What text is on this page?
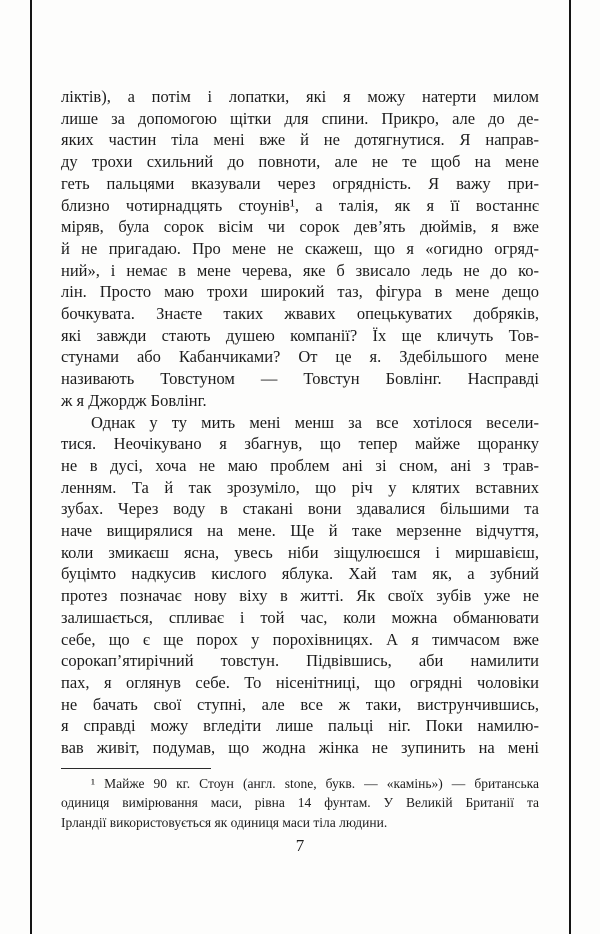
ліктів), а потім і лопатки, які я можу натерти милом
лише за допомогою щітки для спини. Прикро, але до де-
яких частин тіла мені вже й не дотягнутися. Я направ-
ду трохи схильний до повноти, але не те щоб на мене
геть пальцями вказували через огрядність. Я важу при-
близно чотирнадцять стоунів¹, а талія, як я її востаннє
міряв, була сорок вісім чи сорок дев’ять дюймів, я вже
й не пригадаю. Про мене не скажеш, що я «огидно огряд-
ний», і немає в мене черева, яке б звисало ледь не до ко-
лін. Просто маю трохи широкий таз, фігура в мене дещо
бочкувата. Знаєте таких жвавих опецькуватих добряків,
які завжди стають душею компанії? Їх ще кличуть Тов-
стунами або Кабанчиками? От це я. Здебільшого мене
називають Товстуном — Товстун Бовлінг. Насправді
ж я Джордж Бовлінг.
Однак у ту мить мені менш за все хотілося весели-
тися. Неочікувано я збагнув, що тепер майже щоранку
не в дусі, хоча не маю проблем ані зі сном, ані з трав-
ленням. Та й так зрозуміло, що річ у клятих вставних
зубах. Через воду в стакані вони здавалися більшими та
наче вищирялися на мене. Ще й таке мерзенне відчуття,
коли змикаєш ясна, увесь ніби зіщулюєшся і миршавієш,
буцімто надкусив кислого яблука. Хай там як, а зубний
протез позначає нову віху в житті. Як своїх зубів уже не
залишається, спливає і той час, коли можна обманювати
себе, що є ще порох у порохівницях. А я тимчасом вже
сорокап’ятирічний товстун. Підвівшись, аби намилити
пах, я оглянув себе. То нісенітниці, що огрядні чоловіки
не бачать свої ступні, але все ж таки, виструнчившись,
я справді можу вгледіти лише пальці ніг. Поки намилю-
вав живіт, подумав, що жодна жінка не зупинить на мені
¹ Майже 90 кг. Стоун (англ. stone, букв. — «камінь») — британська
одиниця вимірювання маси, рівна 14 фунтам. У Великій Британії та
Ірландії використовується як одиниця маси тіла людини.
7
